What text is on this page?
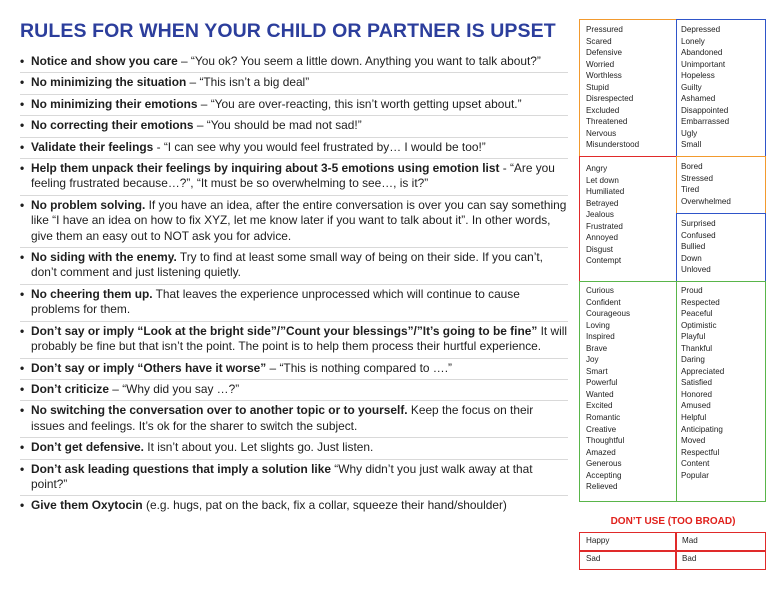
RULES FOR WHEN YOUR CHILD OR PARTNER IS UPSET
• Notice and show you care – “You ok? You seem a little down. Anything you want to talk about?”
• No minimizing the situation – “This isn’t a big deal”
• No minimizing their emotions – “You are over-reacting, this isn’t worth getting upset about.”
• No correcting their emotions – “You should be mad not sad!”
• Validate their feelings - “I can see why you would feel frustrated by… I would be too!”
• Help them unpack their feelings by inquiring about 3-5 emotions using emotion list - “Are you feeling frustrated because…?”, “It must be so overwhelming to see…, is it?”
• No problem solving. If you have an idea, after the entire conversation is over you can say something like “I have an idea on how to fix XYZ, let me know later if you want to talk about it”. In other words, give them an easy out to NOT ask you for advice.
• No siding with the enemy. Try to find at least some small way of being on their side. If you can’t, don’t comment and just listening quietly.
• No cheering them up. That leaves the experience unprocessed which will continue to cause problems for them.
• Don’t say or imply “Look at the bright side”/”Count your blessings”/”It’s going to be fine” It will probably be fine but that isn’t the point. The point is to help them process their hurtful experience.
• Don’t say or imply “Others have it worse” – “This is nothing compared to ….”
• Don’t criticize – “Why did you say …?”
• No switching the conversation over to another topic or to yourself. Keep the focus on their issues and feelings. It’s ok for the sharer to switch the subject.
• Don’t get defensive. It isn’t about you. Let slights go. Just listen.
• Don’t ask leading questions that imply a solution like “Why didn’t you just walk away at that point?”
• Give them Oxytocin (e.g. hugs, pat on the back, fix a collar, squeeze their hand/shoulder)
Pressured
Scared
Defensive
Worried
Worthless
Stupid
Disrespected
Excluded
Threatened
Nervous
Misunderstood
Depressed
Lonely
Abandoned
Unimportant
Hopeless
Guilty
Ashamed
Disappointed
Embarrassed
Ugly
Small
Angry
Let down
Humiliated
Betrayed
Jealous
Frustrated
Annoyed
Disgust
Contempt
Bored
Stressed
Tired
Overwhelmed
Surprised
Confused
Bullied
Down
Unloved
Curious
Confident
Courageous
Loving
Inspired
Brave
Joy
Smart
Powerful
Wanted
Excited
Romantic
Creative
Thoughtful
Amazed
Generous
Accepting
Relieved
Proud
Respected
Peaceful
Optimistic
Playful
Thankful
Daring
Appreciated
Satisfied
Honored
Amused
Helpful
Anticipating
Moved
Respectful
Content
Popular
DON’T USE (TOO BROAD)
Happy	Mad
Sad	Bad
